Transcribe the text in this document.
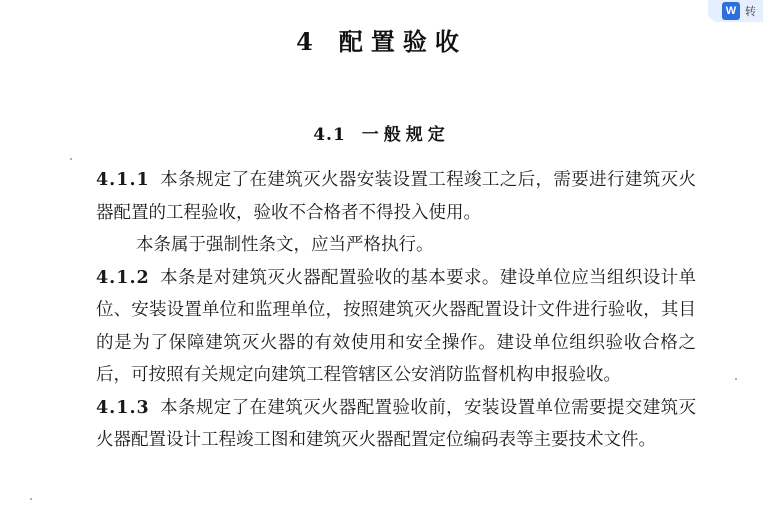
W 转
4 配置验收
4.1 一般规定

4.1.1 本条规定了在建筑灭火器安装设置工程竣工之后，需要进行建筑灭火器配置的工程验收，验收不合格者不得投入使用。

本条属于强制性条文，应当严格执行。

4.1.2 本条是对建筑灭火器配置验收的基本要求。建设单位应当组织设计单位、安装设置单位和监理单位，按照建筑灭火器配置设计文件进行验收，其目的是为了保障建筑灭火器的有效使用和安全操作。建设单位组织验收合格之后，可按照有关规定向建筑工程管辖区公安消防监督机构申报验收。

4.1.3 本条规定了在建筑灭火器配置验收前，安装设置单位需要提交建筑灭火器配置设计工程竣工图和建筑灭火器配置定位编码表等主要技术文件。
